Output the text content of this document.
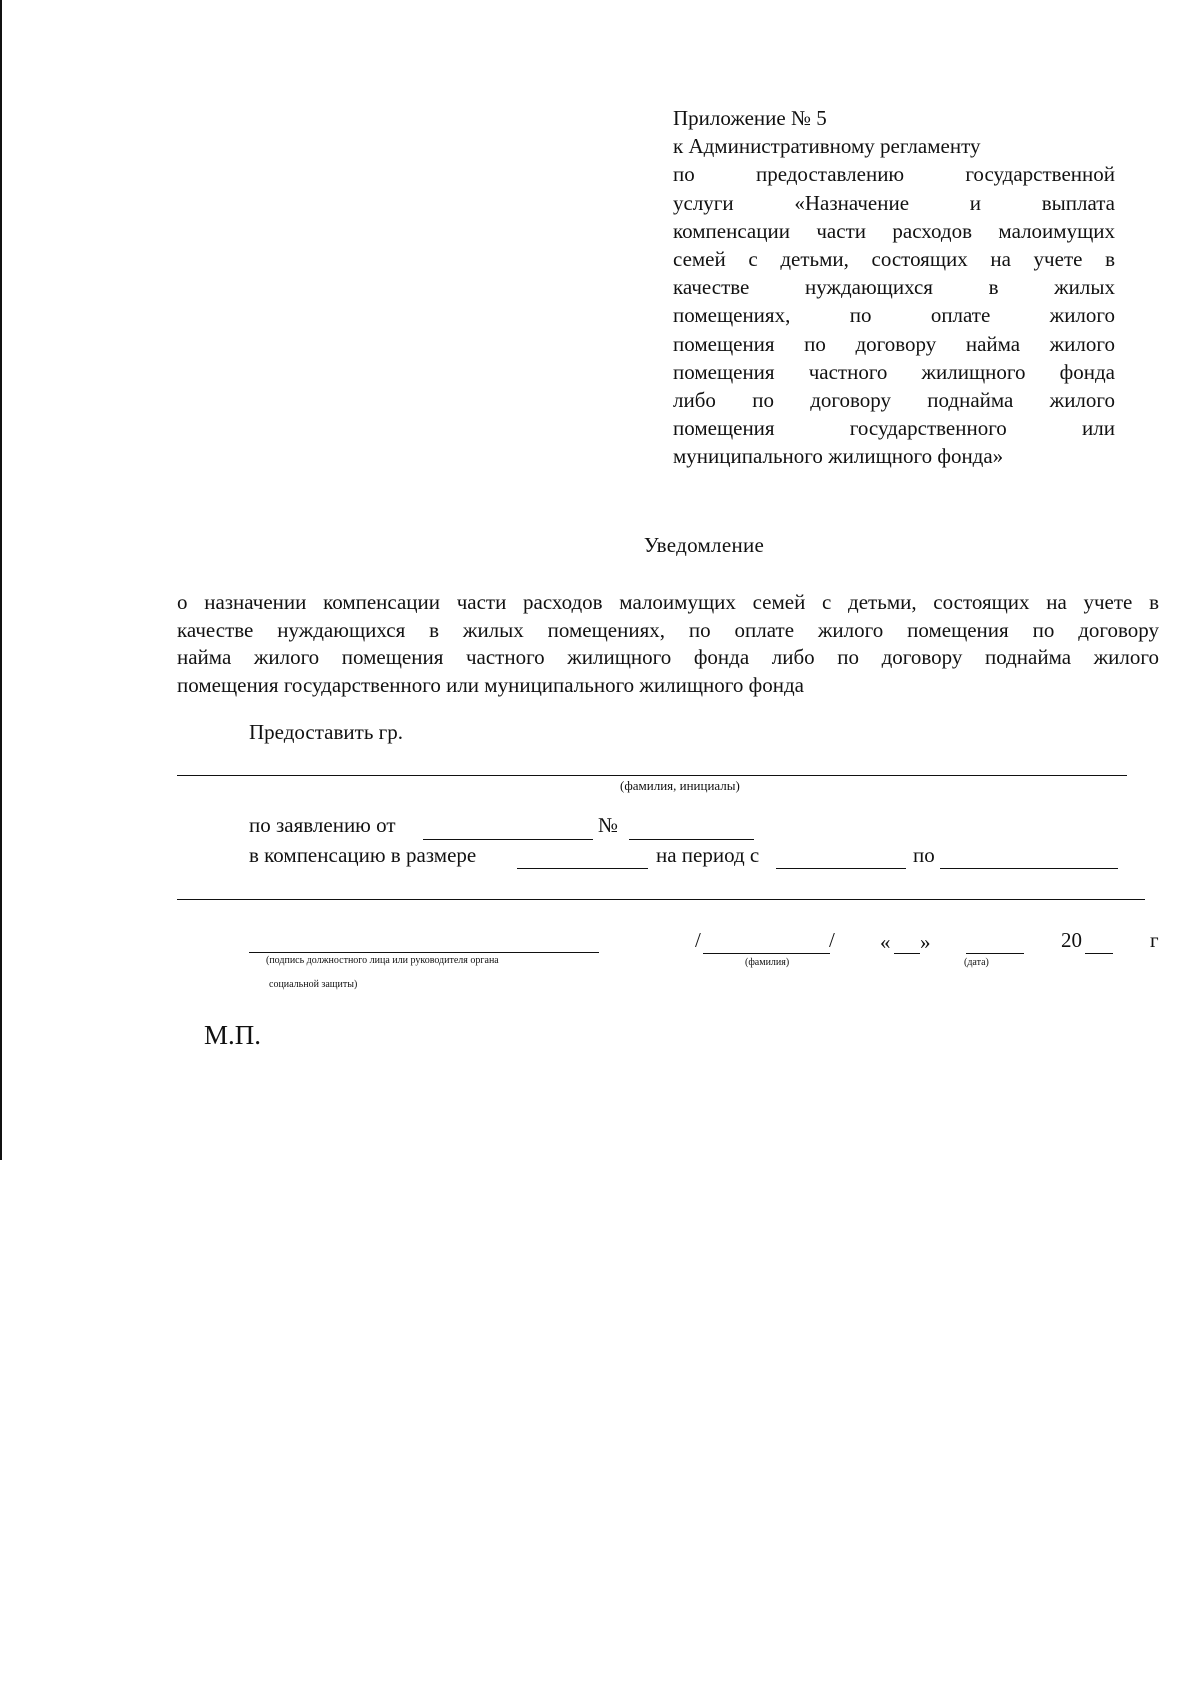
Приложение № 5
к Административному регламенту
по предоставлению государственной
услуги «Назначение и выплата
компенсации части расходов малоимущих
семей с детьми, состоящих на учете в
качестве нуждающихся в жилых
помещениях, по оплате жилого
помещения по договору найма жилого
помещения частного жилищного фонда
либо по договору поднайма жилого
помещения государственного или
муниципального жилищного фонда»
Уведомление
о назначении компенсации части расходов малоимущих семей с детьми, состоящих на учете в
качестве нуждающихся в жилых помещениях, по оплате жилого помещения по договору
найма жилого помещения частного жилищного фонда либо по договору поднайма жилого
помещения государственного или муниципального жилищного фонда
Предоставить гр.
(фамилия, инициалы)
по заявлению от	№
в компенсацию в размере	на период с	по
(подпись должностного лица или руководителя органа
социальной защиты)
/	/
(фамилия)
« »
(дата)
20	г
М.П.
